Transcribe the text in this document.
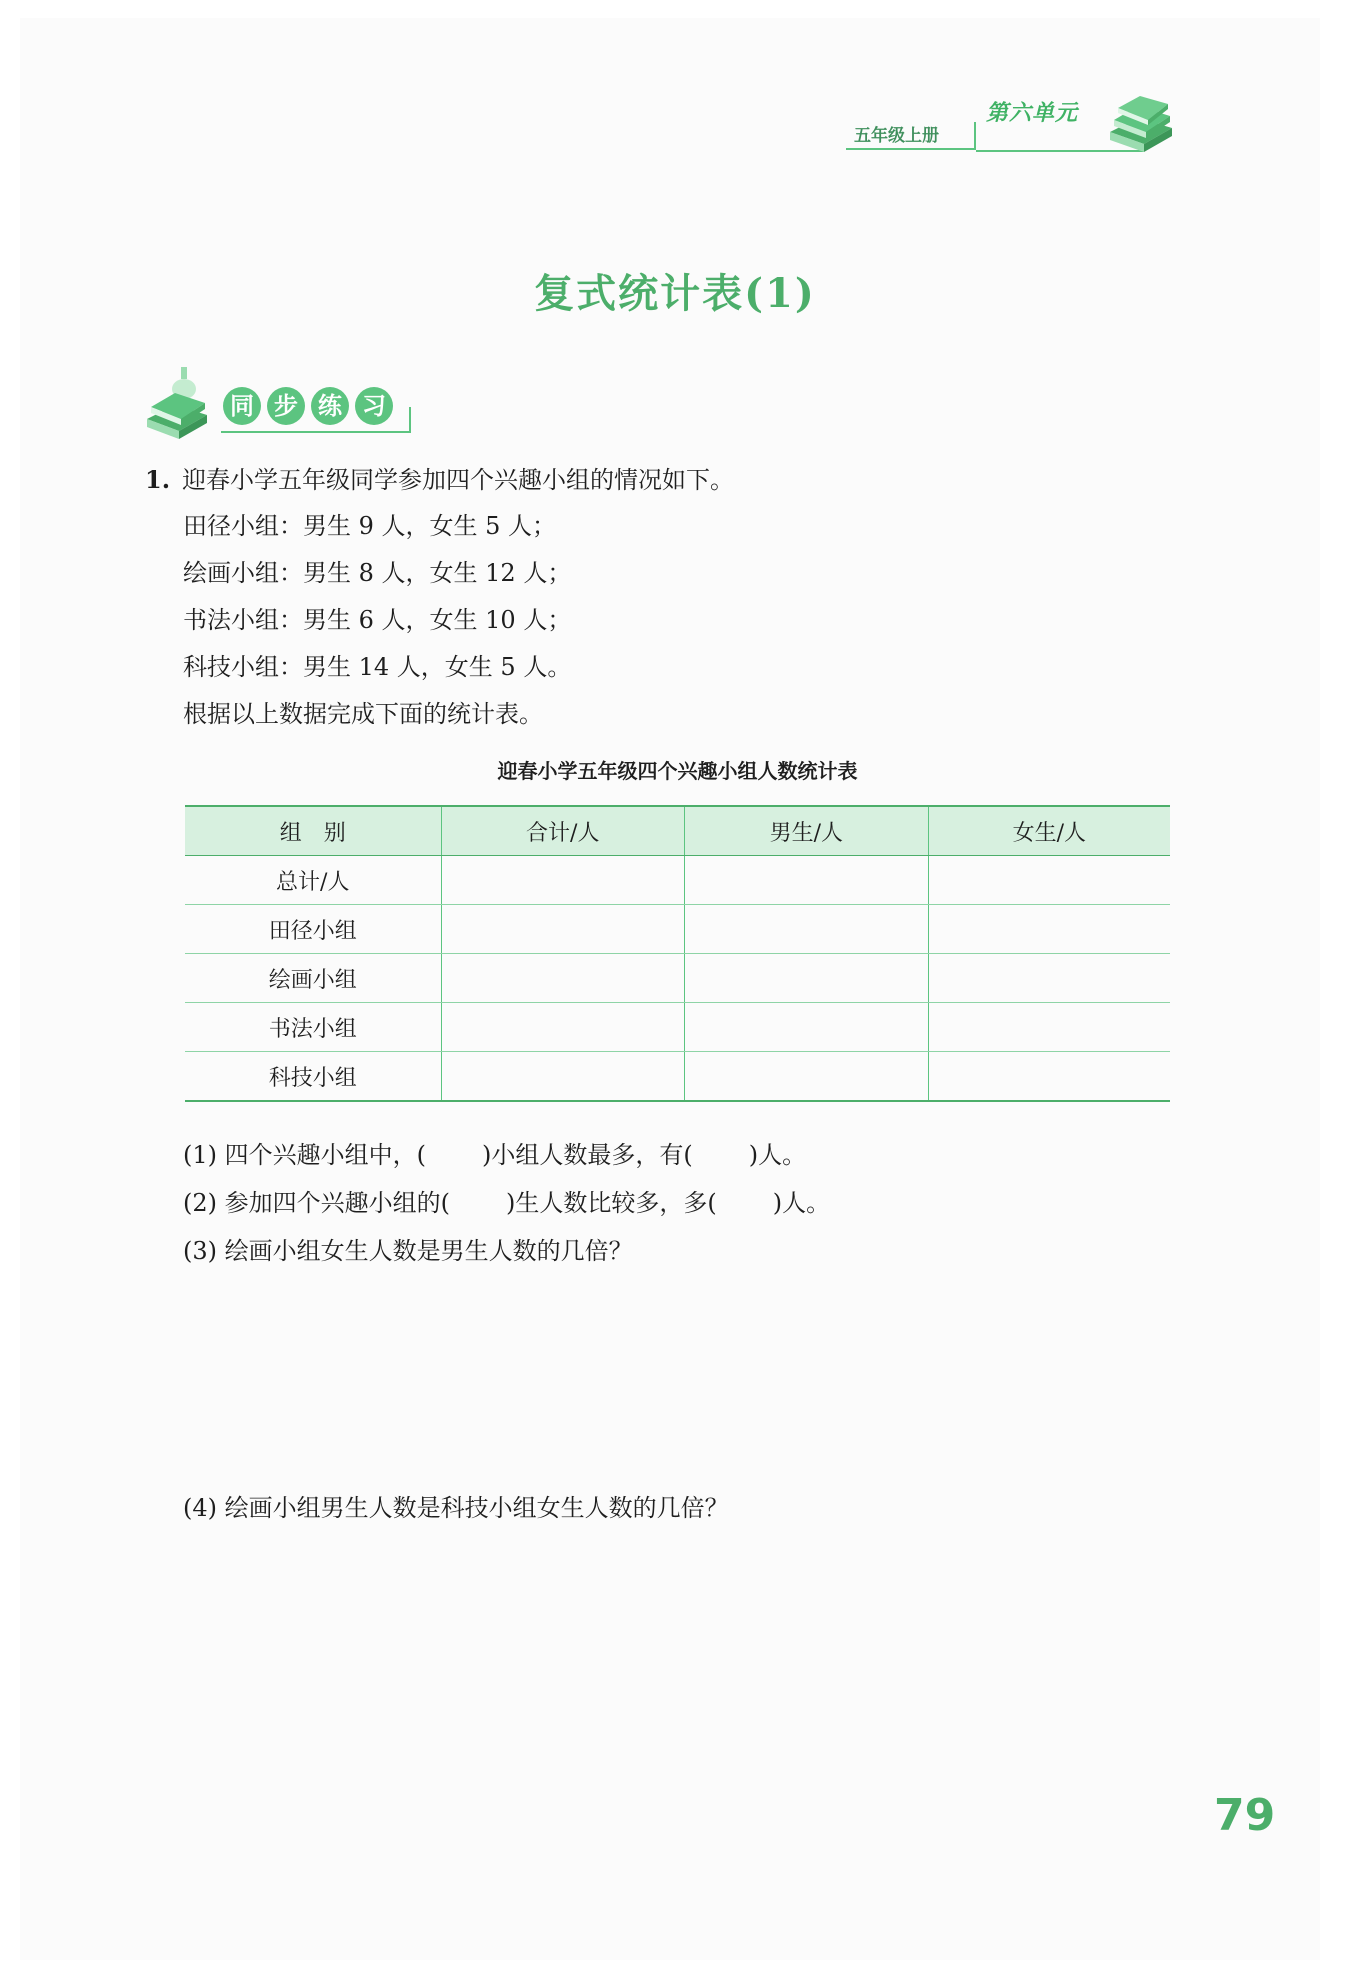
五年级上册
第六单元
复式统计表(1)
同 步 练 习
1. 迎春小学五年级同学参加四个兴趣小组的情况如下。
田径小组：男生 9 人，女生 5 人；
绘画小组：男生 8 人，女生 12 人；
书法小组：男生 6 人，女生 10 人；
科技小组：男生 14 人，女生 5 人。
根据以上数据完成下面的统计表。
迎春小学五年级四个兴趣小组人数统计表
组　别	合计/人	男生/人	女生/人
总计/人			
田径小组			
绘画小组			
书法小组			
科技小组			
(1) 四个兴趣小组中，( )小组人数最多，有( )人。
(2) 参加四个兴趣小组的( )生人数比较多，多( )人。
(3) 绘画小组女生人数是男生人数的几倍？
(4) 绘画小组男生人数是科技小组女生人数的几倍？
79
